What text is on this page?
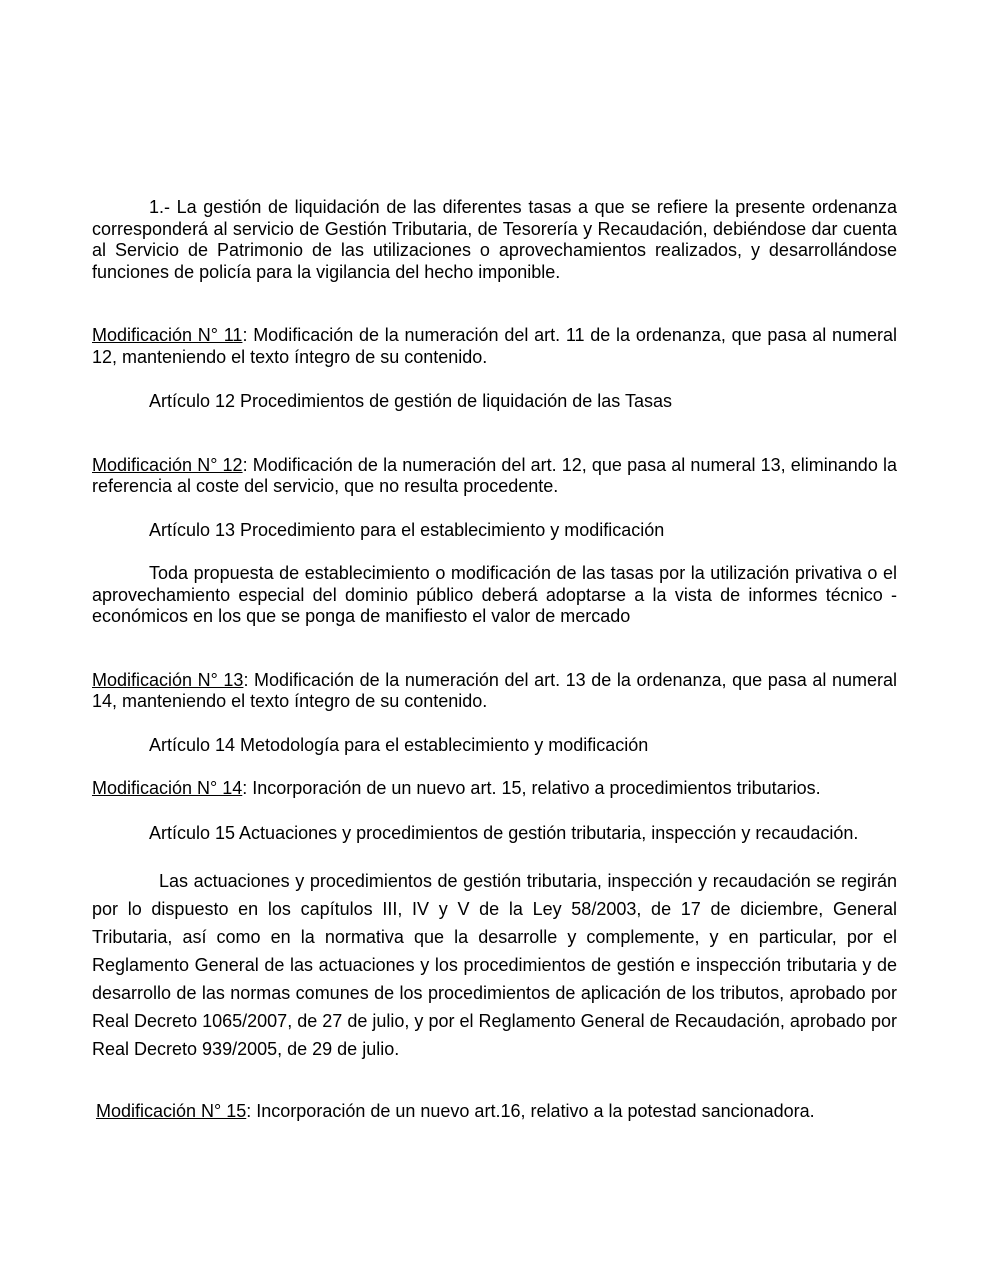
1.- La gestión de liquidación de las diferentes tasas a que se refiere la presente ordenanza corresponderá al servicio de Gestión Tributaria, de Tesorería y Recaudación, debiéndose dar cuenta al Servicio de Patrimonio de las utilizaciones o aprovechamientos realizados, y desarrollándose funciones de policía para la vigilancia del hecho imponible.

Modificación N° 11: Modificación de la numeración del art. 11 de la ordenanza, que pasa al numeral 12, manteniendo el texto íntegro de su contenido.

Artículo 12 Procedimientos de gestión de liquidación de las Tasas

Modificación N° 12: Modificación de la numeración del art. 12, que pasa al numeral 13, eliminando la referencia al coste del servicio, que no resulta procedente.

Artículo 13 Procedimiento para el establecimiento y modificación

Toda propuesta de establecimiento o modificación de las tasas por la utilización privativa o el aprovechamiento especial del dominio público deberá adoptarse a la vista de informes técnico -económicos en los que se ponga de manifiesto el valor de mercado

Modificación N° 13: Modificación de la numeración del art. 13 de la ordenanza, que pasa al numeral 14, manteniendo el texto íntegro de su contenido.

Artículo 14 Metodología para el establecimiento y modificación

Modificación N° 14: Incorporación de un nuevo art. 15, relativo a procedimientos tributarios.

Artículo 15 Actuaciones y procedimientos de gestión tributaria, inspección y recaudación.

Las actuaciones y procedimientos de gestión tributaria, inspección y recaudación se regirán por lo dispuesto en los capítulos III, IV y V de la Ley 58/2003, de 17 de diciembre, General Tributaria, así como en la normativa que la desarrolle y complemente, y en particular, por el Reglamento General de las actuaciones y los procedimientos de gestión e inspección tributaria y de desarrollo de las normas comunes de los procedimientos de aplicación de los tributos, aprobado por Real Decreto 1065/2007, de 27 de julio, y por el Reglamento General de Recaudación, aprobado por Real Decreto 939/2005, de 29 de julio.

Modificación N° 15: Incorporación de un nuevo art.16, relativo a la potestad sancionadora.
